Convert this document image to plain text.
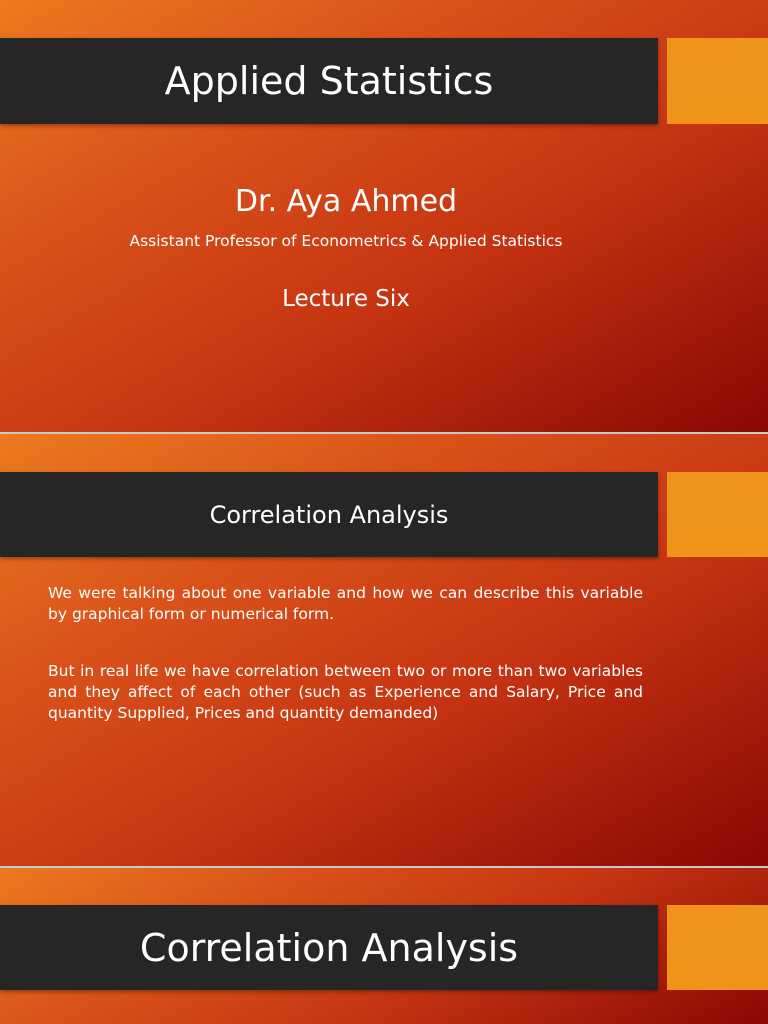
Applied Statistics
Dr. Aya Ahmed
Assistant Professor of Econometrics & Applied Statistics
Lecture Six
Correlation Analysis
We were talking about one variable and how we can describe this variable by graphical form or numerical form.
But in real life we have correlation between two or more than two variables and they affect of each other (such as Experience and Salary, Price and quantity Supplied, Prices and quantity demanded)
Correlation Analysis
